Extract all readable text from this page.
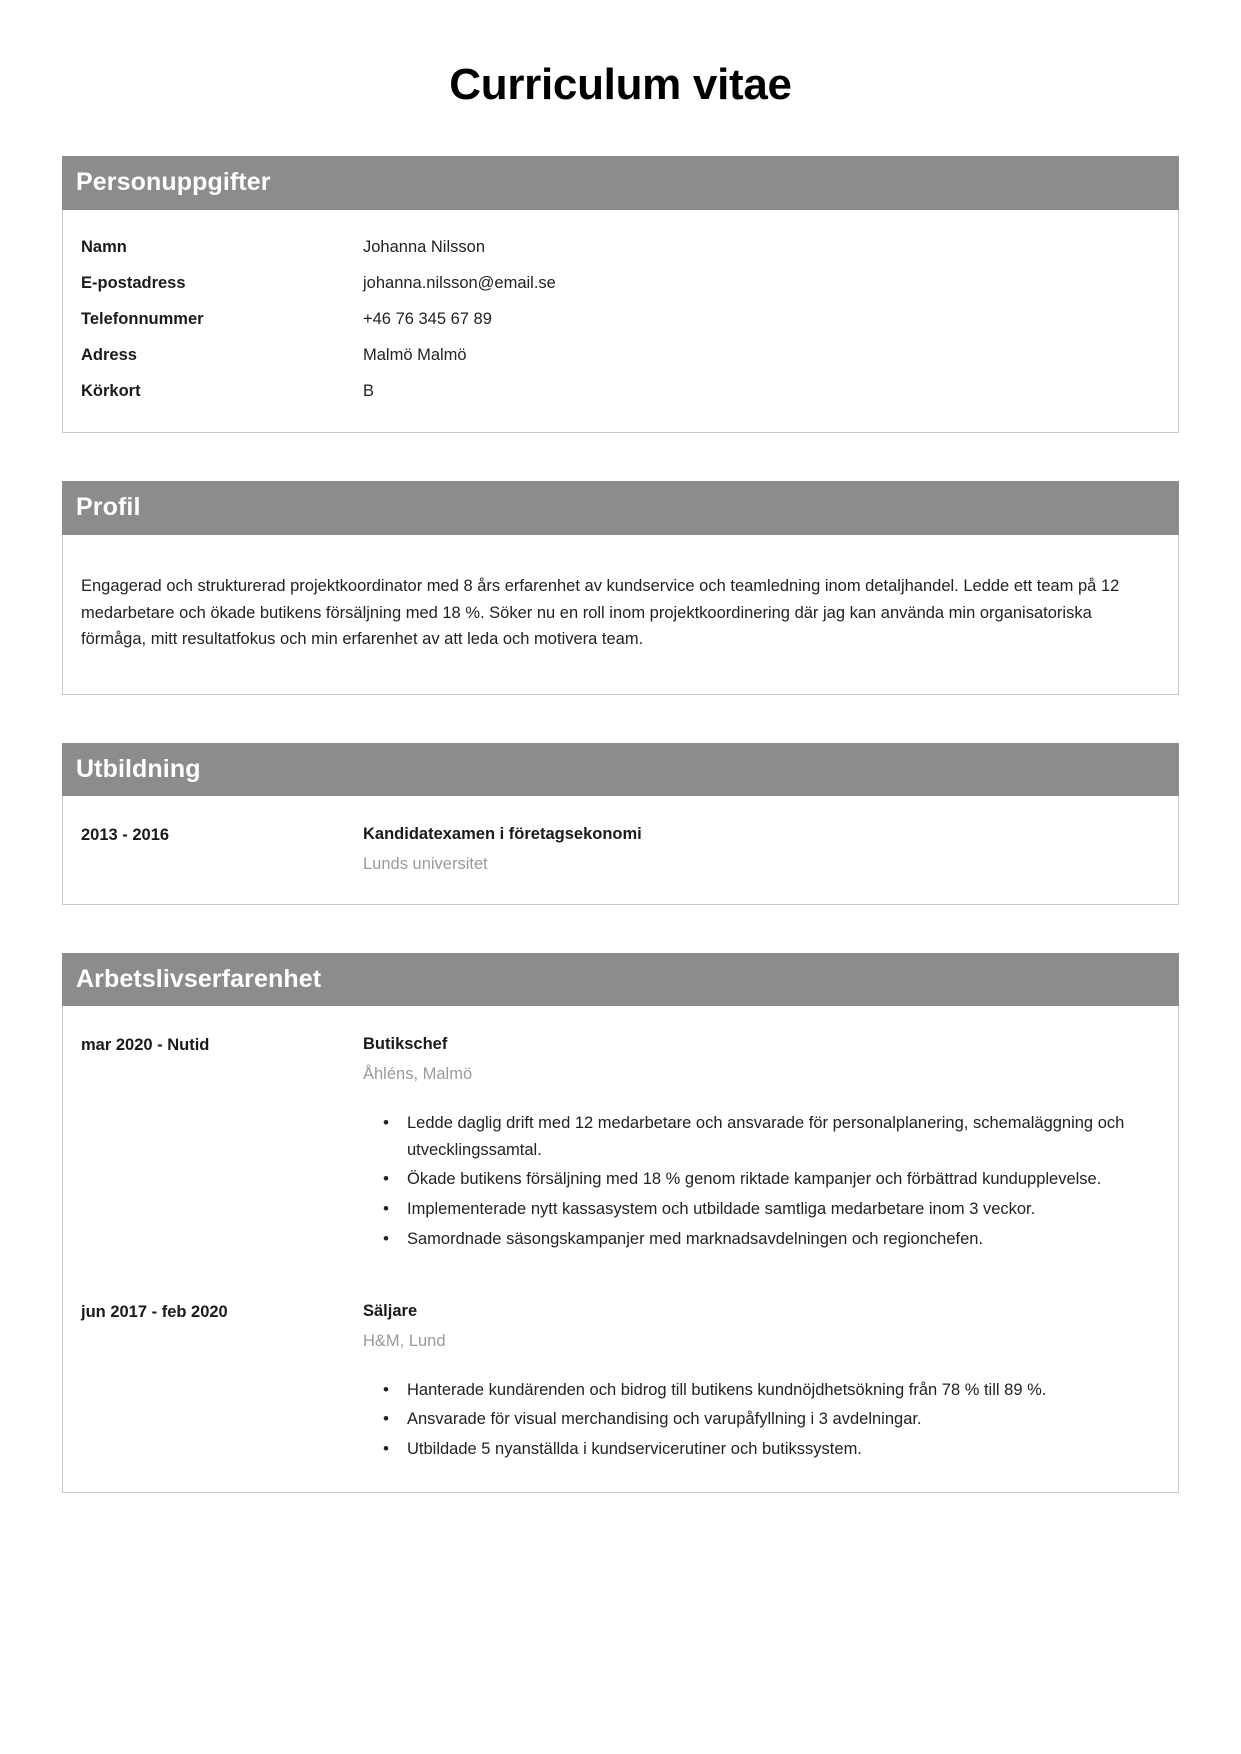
Curriculum vitae
Personuppgifter
Namn	Johanna Nilsson
E-postadress	johanna.nilsson@email.se
Telefonnummer	+46 76 345 67 89
Adress	Malmö Malmö
Körkort	B
Profil

Engagerad och strukturerad projektkoordinator med 8 års erfarenhet av kundservice och teamledning inom detaljhandel. Ledde ett team på 12 medarbetare och ökade butikens försäljning med 18 %. Söker nu en roll inom projektkoordinering där jag kan använda min organisatoriska förmåga, mitt resultatfokus och min erfarenhet av att leda och motivera team.

Utbildning
2013 - 2016	Kandidatexamen i företagsekonomi
Lunds universitet
Arbetslivserfarenhet
mar 2020 - Nutid	Butikschef
Åhléns, Malmö
• Ledde daglig drift med 12 medarbetare och ansvarade för personalplanering, schemaläggning och utvecklingssamtal.
• Ökade butikens försäljning med 18 % genom riktade kampanjer och förbättrad kundupplevelse.
• Implementerade nytt kassasystem och utbildade samtliga medarbetare inom 3 veckor.
• Samordnade säsongskampanjer med marknadsavdelningen och regionchefen.
jun 2017 - feb 2020	Säljare
H&M, Lund
• Hanterade kundärenden och bidrog till butikens kundnöjdhetsökning från 78 % till 89 %.
• Ansvarade för visual merchandising och varupåfyllning i 3 avdelningar.
• Utbildade 5 nyanställda i kundservicerutiner och butikssystem.
